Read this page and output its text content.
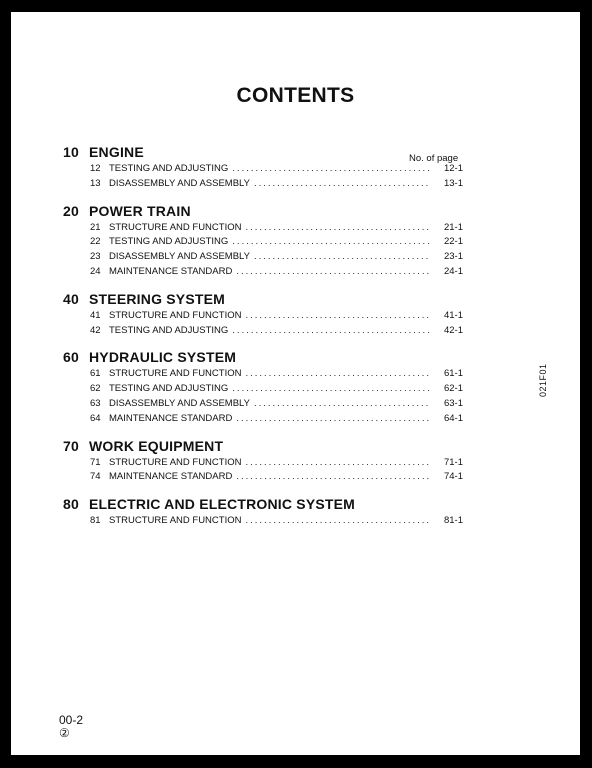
CONTENTS
No. of page
021F01
10 ENGINE
12 TESTING AND ADJUSTING .....	12-1
13 DISASSEMBLY AND ASSEMBLY .....	13-1
20 POWER TRAIN
21 STRUCTURE AND FUNCTION .....	21-1
22 TESTING AND ADJUSTING .....	22-1
23 DISASSEMBLY AND ASSEMBLY .....	23-1
24 MAINTENANCE STANDARD .....	24-1
40 STEERING SYSTEM
41 STRUCTURE AND FUNCTION .....	41-1
42 TESTING AND ADJUSTING .....	42-1
60 HYDRAULIC SYSTEM
61 STRUCTURE AND FUNCTION .....	61-1
62 TESTING AND ADJUSTING .....	62-1
63 DISASSEMBLY AND ASSEMBLY .....	63-1
64 MAINTENANCE STANDARD .....	64-1
70 WORK EQUIPMENT
71 STRUCTURE AND FUNCTION .....	71-1
74 MAINTENANCE STANDARD .....	74-1
80 ELECTRIC AND ELECTRONIC SYSTEM
81 STRUCTURE AND FUNCTION .....	81-1
00-2
②
